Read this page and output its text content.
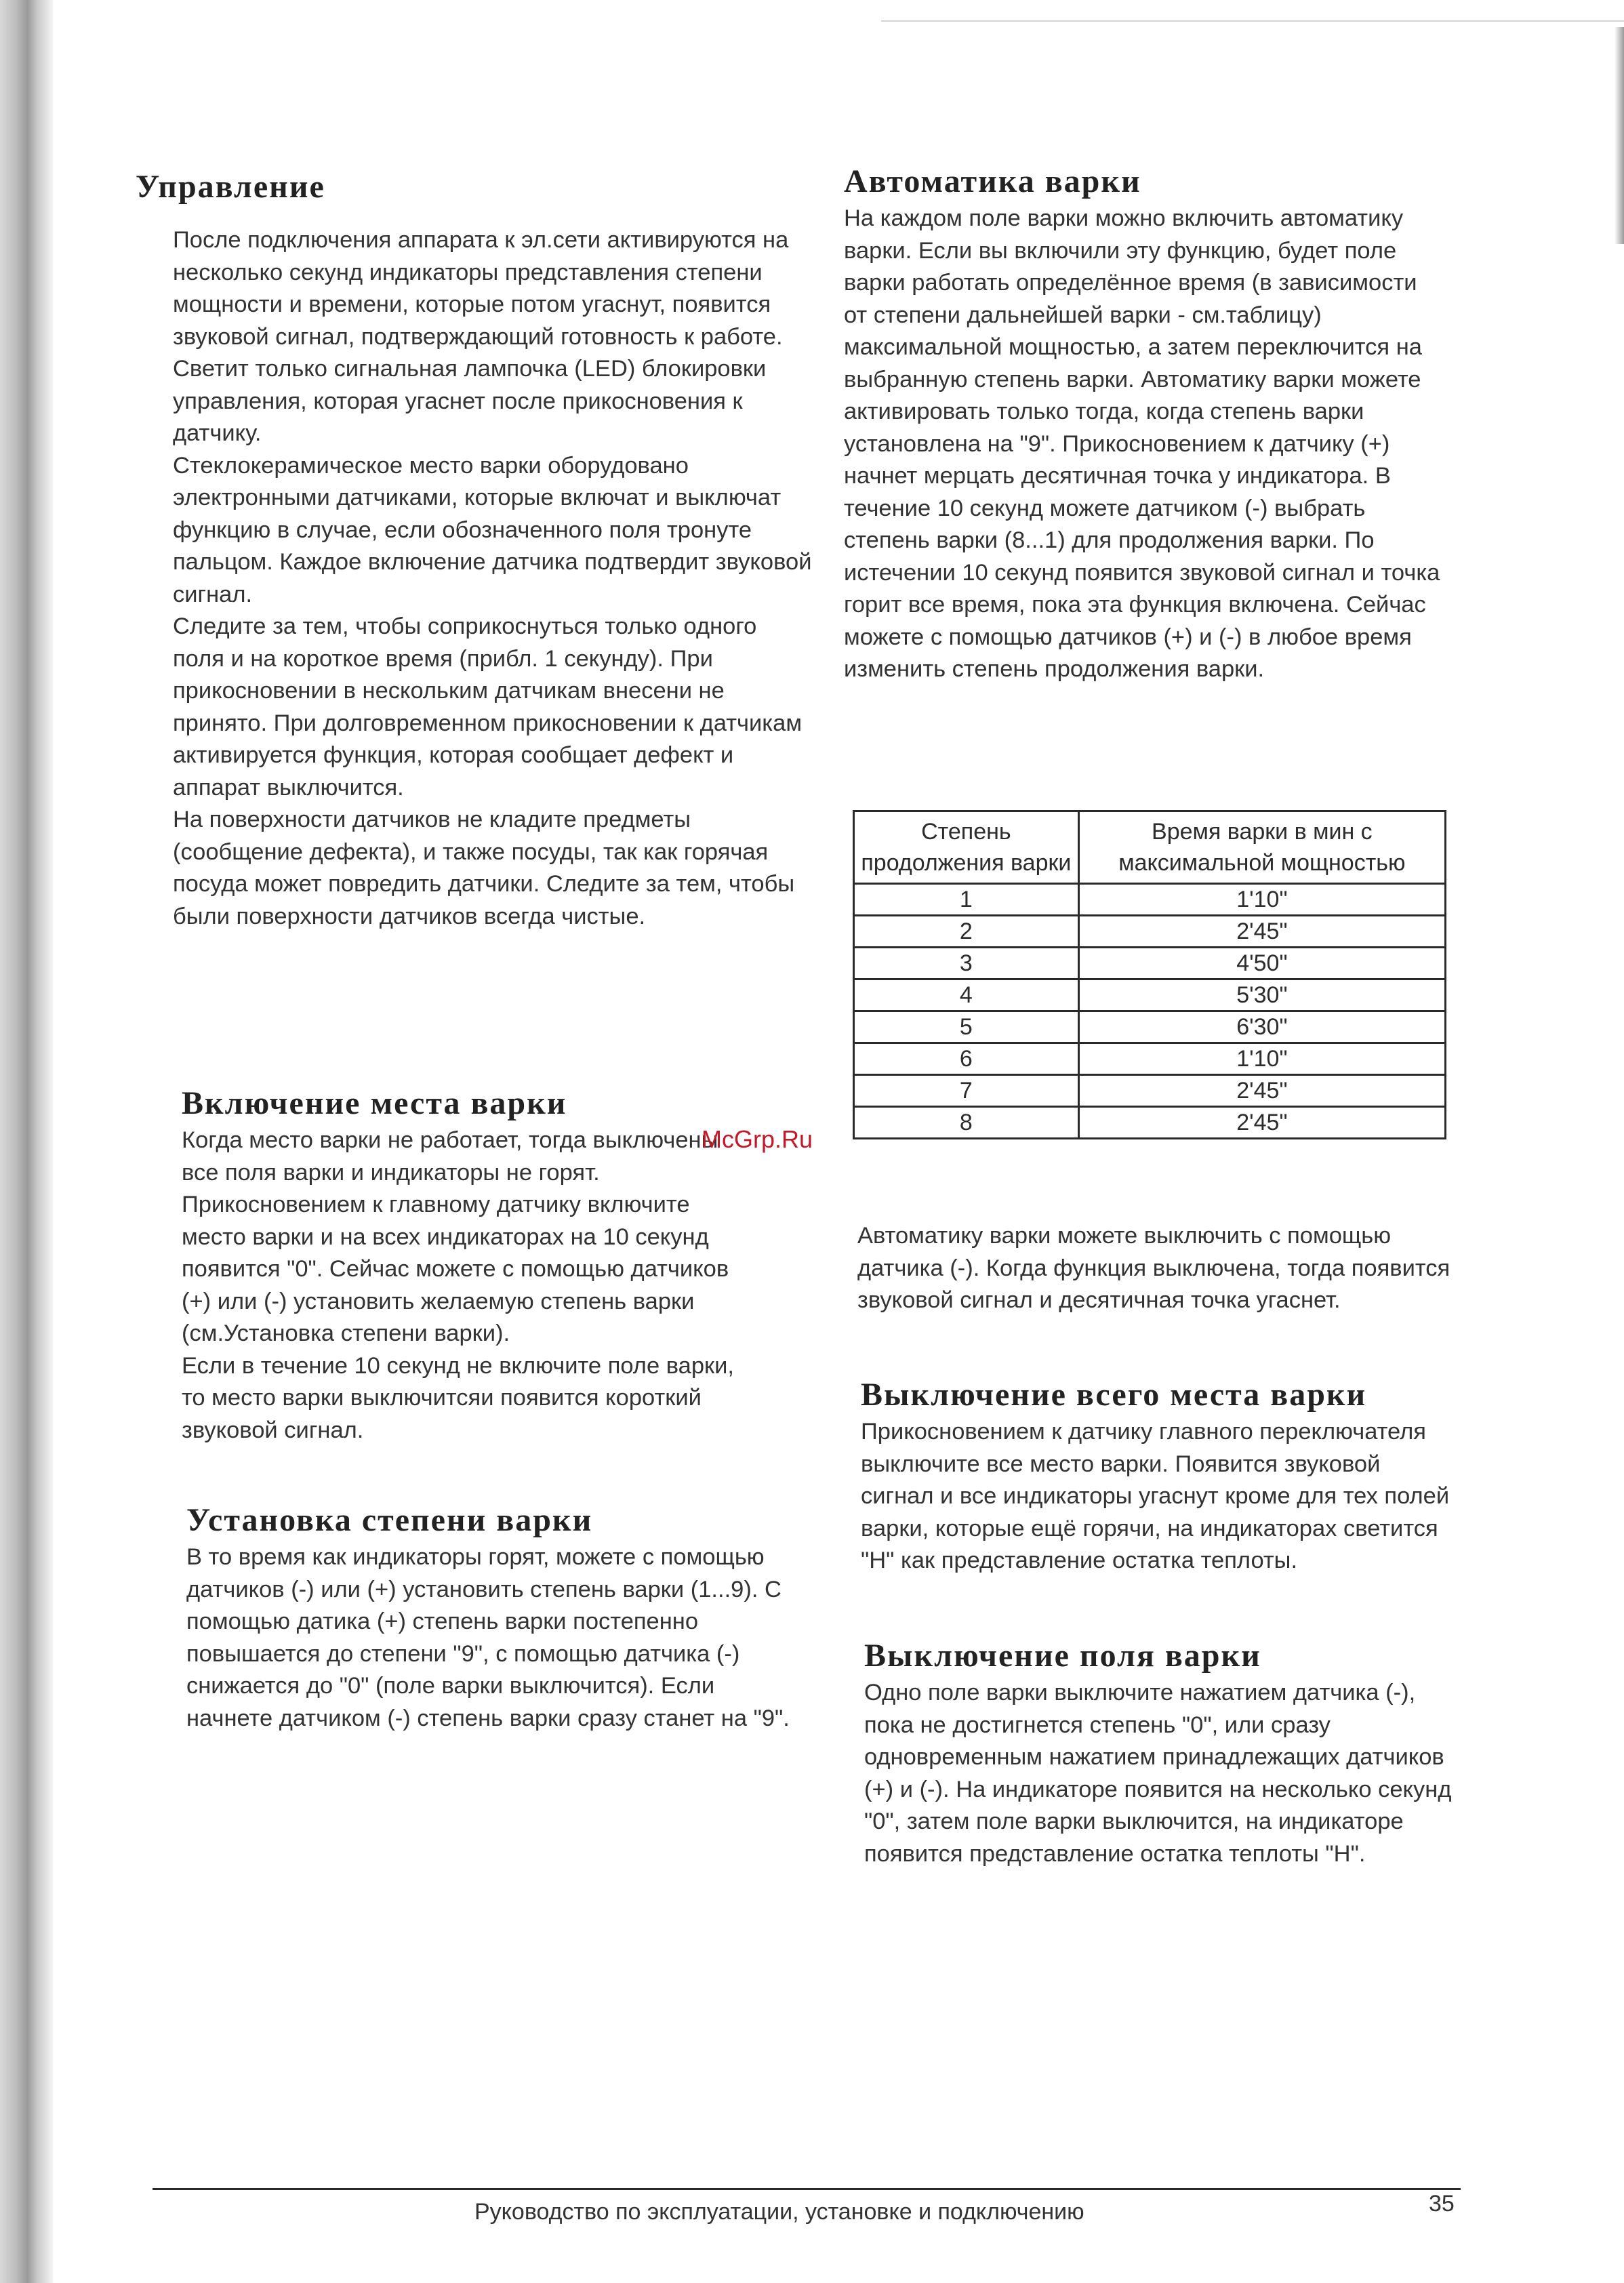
Управление

После подключения аппарата к эл.сети активируются на несколько секунд индикаторы представления степени мощности и времени, которые потом угаснут, появится звуковой сигнал, подтверждающий готовность к работе. Светит только сигнальная лампочка (LED) блокировки управления, которая угаснет после прикосновения к датчику.
Стеклокерамическое место варки оборудовано электронными датчиками, которые включат и выключат функцию в случае, если обозначенного поля тронуте пальцом. Каждое включение датчика подтвердит звуковой сигнал.
Следите за тем, чтобы соприкоснуться только одного поля и на короткое время (прибл. 1 секунду). При прикосновении в нескольким датчикам внесени не принято. При долговременном прикосновении к датчикам активируется функция, которая сообщает дефект и аппарат выключится.
На поверхности датчиков не кладите предметы (сообщение дефекта), и также посуды, так как горячая посуда может повредить датчики. Следите за тем, чтобы были поверхности датчиков всегда чистые.

Включение места варки

Когда место варки не работает, тогда выключены все поля варки и индикаторы не горят. Прикосновением к главному датчику включите место варки и на всех индикаторах на 10 секунд появится "0". Сейчас можете с помощью датчиков (+) или (-) установить желаемую степень варки (см.Установка степени варки).
Если в течение 10 секунд не включите поле варки, то место варки выключитсяи появится короткий звуковой сигнал.

Установка степени варки

В то время как индикаторы горят, можете с помощью датчиков (-) или (+) установить степень варки (1...9). С помощью датика (+) степень варки постепенно повышается до степени "9", с помощью датчика (-) снижается до "0" (поле варки выключится). Если начнете датчиком (-) степень варки сразу станет на "9".

Автоматика варки

На каждом поле варки можно включить автоматику варки. Если вы включили эту функцию, будет поле варки работать определённое время (в зависимости от степени дальнейшей варки - см.таблицу) максимальной мощностью, а затем переключится на выбранную степень варки. Автоматику варки можете активировать только тогда, когда степень варки установлена на "9". Прикосновением к датчику (+) начнет мерцать десятичная точка у индикатора. В течение 10 секунд можете датчиком (-) выбрать степень варки (8...1) для продолжения варки. По истечении 10 секунд появится звуковой сигнал и точка горит все время, пока эта функция включена. Сейчас можете с помощью датчиков (+) и (-) в любое время изменить степень продолжения варки.

Степень продолжения варки	Время варки в мин с максимальной мощностью
1	1'10"
2	2'45"
3	4'50"
4	5'30"
5	6'30"
6	1'10"
7	2'45"
8	2'45"
McGrp.Ru

Автоматику варки можете выключить с помощью датчика (-). Когда функция выключена, тогда появится звуковой сигнал и десятичная точка угаснет.

Выключение всего места варки

Прикосновением к датчику главного переключателя выключите все место варки. Появится звуковой сигнал и все индикаторы угаснут кроме для тех полей варки, которые ещё горячи, на индикаторах светится "H" как представление остатка теплоты.

Выключение поля варки

Одно поле варки выключите нажатием датчика (-), пока не достигнется степень "0", или сразу одновременным нажатием принадлежащих датчиков (+) и (-). На индикаторе появится на несколько секунд "0", затем поле варки выключится, на индикаторе появится представление остатка теплоты "H".

Руководство по эксплуатации, установке и подключению	35
